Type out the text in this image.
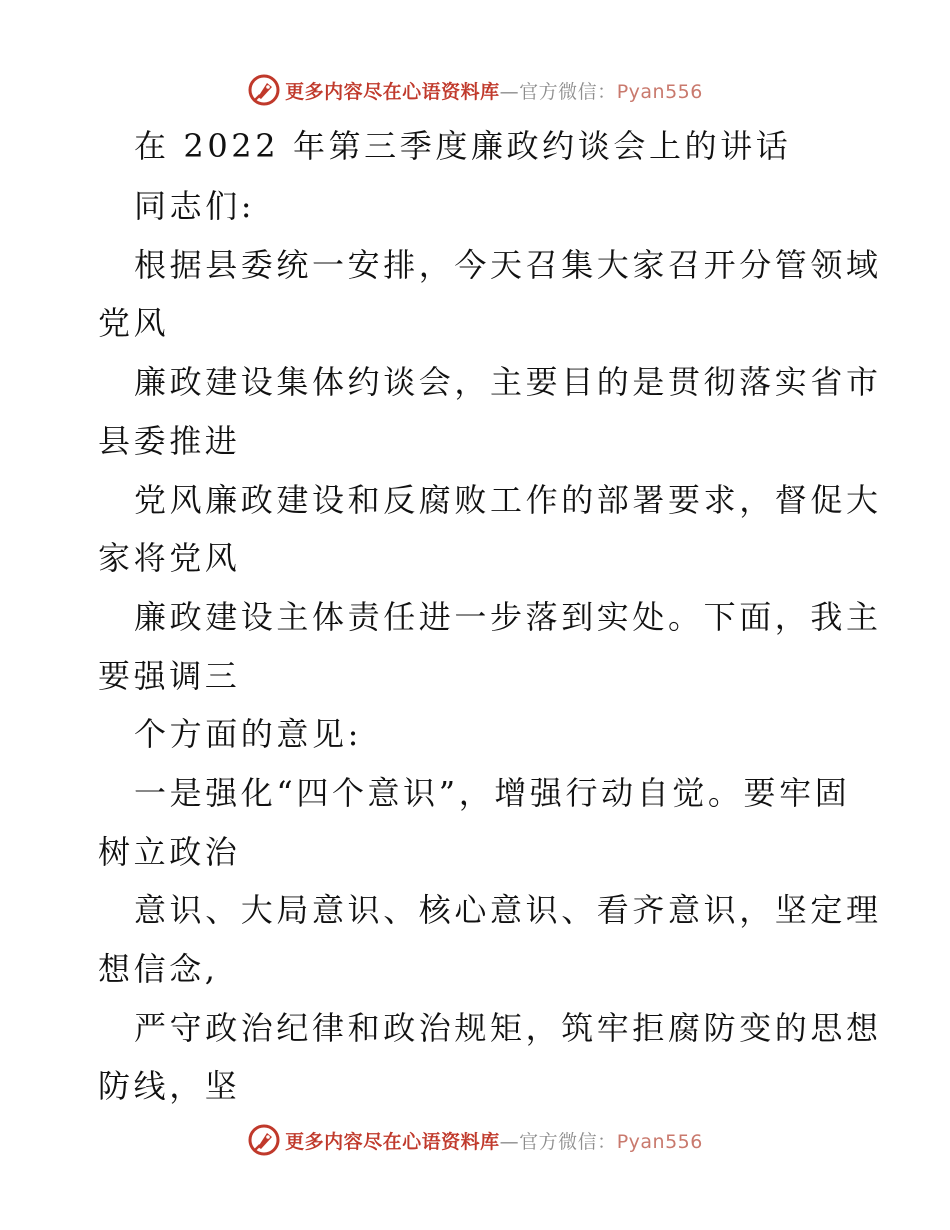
更多内容尽在心语资料库—官方微信：Pyan556
在 2022 年第三季度廉政约谈会上的讲话
同志们:
根据县委统一安排，今天召集大家召开分管领域
党风
廉政建设集体约谈会，主要目的是贯彻落实省市
县委推进
党风廉政建设和反腐败工作的部署要求，督促大
家将党风
廉政建设主体责任进一步落到实处。下面，我主
要强调三
个方面的意见:
一是强化“四个意识”，增强行动自觉。要牢固
树立政治
意识、大局意识、核心意识、看齐意识，坚定理
想信念,
严守政治纪律和政治规矩，筑牢拒腐防变的思想
防线，坚
更多内容尽在心语资料库—官方微信：Pyan556
